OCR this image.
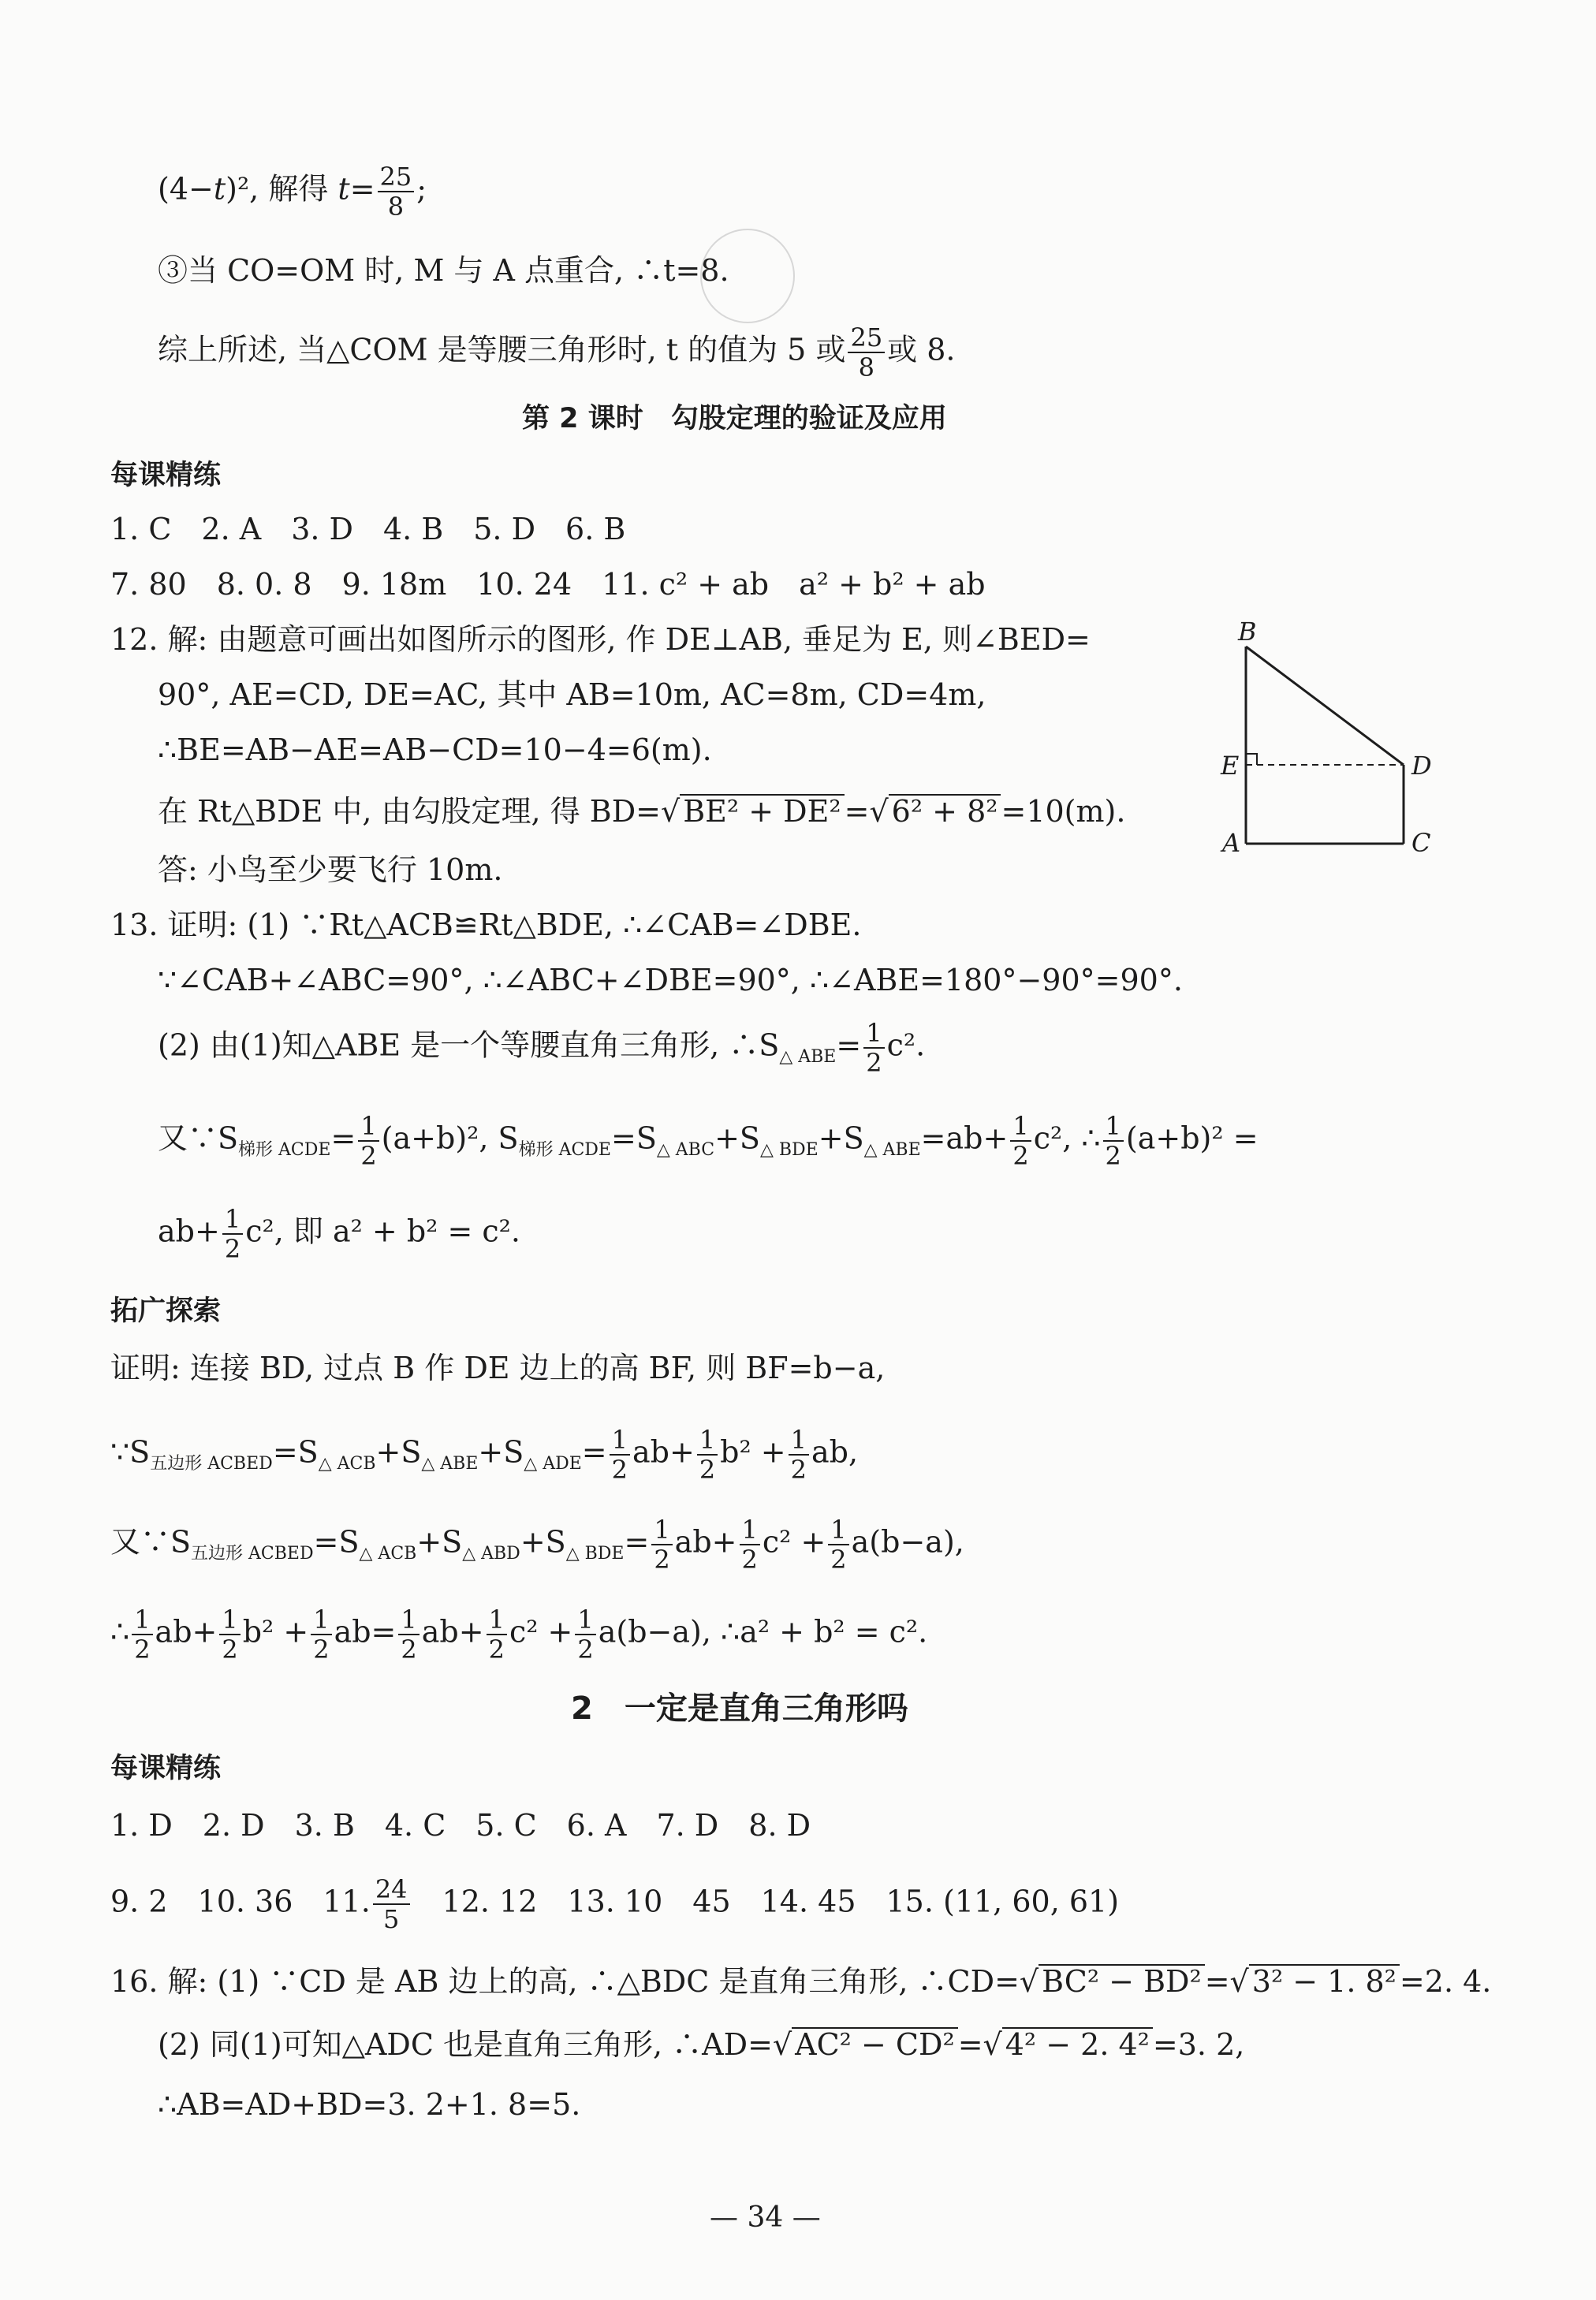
(4−t)², 解得 $t= \frac{25}{8}$ ;
③当 CO=OM 时, M 与 A 点重合, ∴t=8.
综上所述, 当△COM 是等腰三角形时, t 的值为 5 或 $\frac{25}{8}$ 或 8.
第 2 课时　勾股定理的验证及应用
每课精练
1. C　2. A　3. D　4. B　5. D　6. B
7. 80　8. 0. 8　9. 18m　10. 24　11. c² + ab　a² + b² + ab
12. 解: 由题意可画出如图所示的图形, 作 DE⊥AB, 垂足为 E, 则∠BED=
90°, AE=CD, DE=AC, 其中 AB=10m, AC=8m, CD=4m,
∴BE=AB−AE=AB−CD=10−4=6(m).
在 Rt△BDE 中, 由勾股定理, 得 BD=√ BE² + DE² =√ 6² + 8² =10(m).
答: 小鸟至少要飞行 10m.
B
E	D
A	C
13. 证明: (1) ∵Rt△ACB≌Rt△BDE, ∴∠CAB=∠DBE.
∵∠CAB+∠ABC=90°, ∴∠ABC+∠DBE=90°, ∴∠ABE=180°−90°=90°.
(2) 由(1)知△ABE 是一个等腰直角三角形, $\therefore S_{\triangle ABE}= \frac{1}{2} c^2$.
又$\because S_{梯形 ACDE}= \frac{1}{2} (a+b)^2$, $S_{梯形 ACDE}=S_{\triangle ABC}+S_{\triangle BDE}+S_{\triangle ABE}=ab+ \frac{1}{2} c^2$, ∴ $\frac{1}{2} (a+b)^2$ =
$ab+ \frac{1}{2} c^2$, 即 a² + b² = c².
拓广探索
证明: 连接 BD, 过点 B 作 DE 边上的高 BF, 则 BF=b−a,
$\because S_{五边形 ACBED}=S_{\triangle ACB}+S_{\triangle ABE}+S_{\triangle ADE}= \frac{1}{2} ab+ \frac{1}{2} b^2 + \frac{1}{2}$ ab,
又$\because S_{五边形 ACBED}=S_{\triangle ACB}+S_{\triangle ABD}+S_{\triangle BDE}= \frac{1}{2} ab+ \frac{1}{2} c^2 + \frac{1}{2} a(b-a)$,
∴ $\frac{1}{2} ab+ \frac{1}{2} b^2 + \frac{1}{2} ab= \frac{1}{2} ab+ \frac{1}{2} c^2 + \frac{1}{2} a(b-a)$, ∴a² + b² = c².
2　一定是直角三角形吗
每课精练
1. D　2. D　3. B　4. C　5. C　6. A　7. D　8. D
9. 2　10. 36　11. $\frac{24}{5}$
　 12. 12　13. 10　45　14. 45　15. (11, 60, 61)
16. 解: (1) ∵CD 是 AB 边上的高, ∴△BDC 是直角三角形, ∴CD=√ BC² − BD² =√ 3² − 1. 8² =2. 4.
(2) 同(1)可知△ADC 也是直角三角形, ∴AD=√ AC² − CD² =√ 4² − 2. 4² =3. 2,
∴AB=AD+BD=3. 2+1. 8=5.
— 34 —
